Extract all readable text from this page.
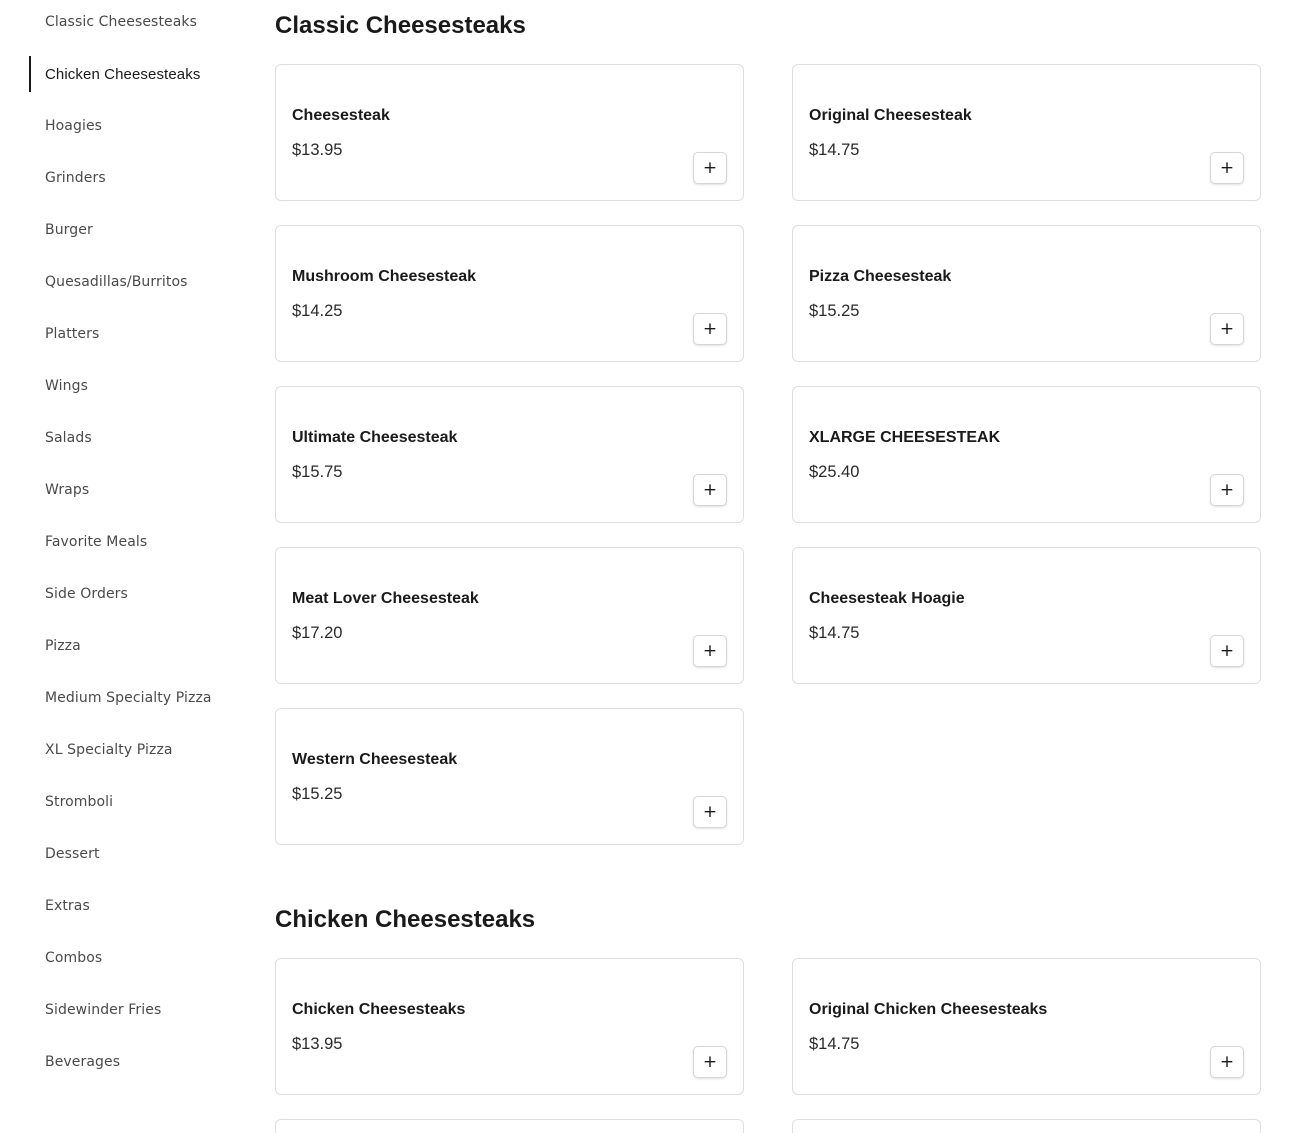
Classic Cheesesteaks
Chicken Cheesesteaks
Hoagies
Grinders
Burger
Quesadillas/Burritos
Platters
Wings
Salads
Wraps
Favorite Meals
Side Orders
Pizza
Medium Specialty Pizza
XL Specialty Pizza
Stromboli
Dessert
Extras
Combos
Sidewinder Fries
Beverages
Classic Cheesesteaks
Cheesesteak
$13.95
+
Original Cheesesteak
$14.75
+
Mushroom Cheesesteak
$14.25
+
Pizza Cheesesteak
$15.25
+
Ultimate Cheesesteak
$15.75
+
XLARGE CHEESESTEAK
$25.40
+
Meat Lover Cheesesteak
$17.20
+
Cheesesteak Hoagie
$14.75
+
Western Cheesesteak
$15.25
+
Chicken Cheesesteaks
Chicken Cheesesteaks
$13.95
+
Original Chicken Cheesesteaks
$14.75
+
